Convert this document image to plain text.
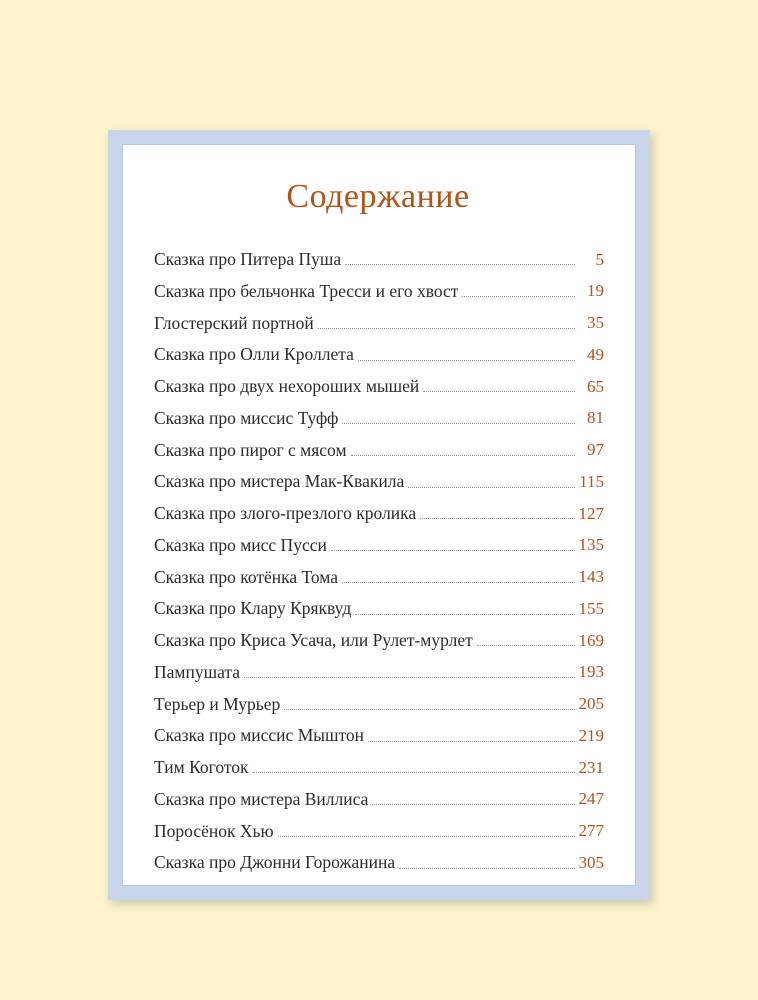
Содержание
Сказка про Питера Пуша	5
Сказка про бельчонка Тресси и его хвост	19
Глостерский портной	35
Сказка про Олли Кроллета	49
Сказка про двух нехороших мышей	65
Сказка про миссис Туфф	81
Сказка про пирог с мясом	97
Сказка про мистера Мак-Квакила	115
Сказка про злого-презлого кролика	127
Сказка про мисс Пусси	135
Сказка про котёнка Тома	143
Сказка про Клару Кряквуд	155
Сказка про Криса Усача, или Рулет-мурлет	169
Пампушата	193
Терьер и Мурьер	205
Сказка про миссис Мыштон	219
Тим Коготок	231
Сказка про мистера Виллиса	247
Поросёнок Хью	277
Сказка про Джонни Горожанина	305
